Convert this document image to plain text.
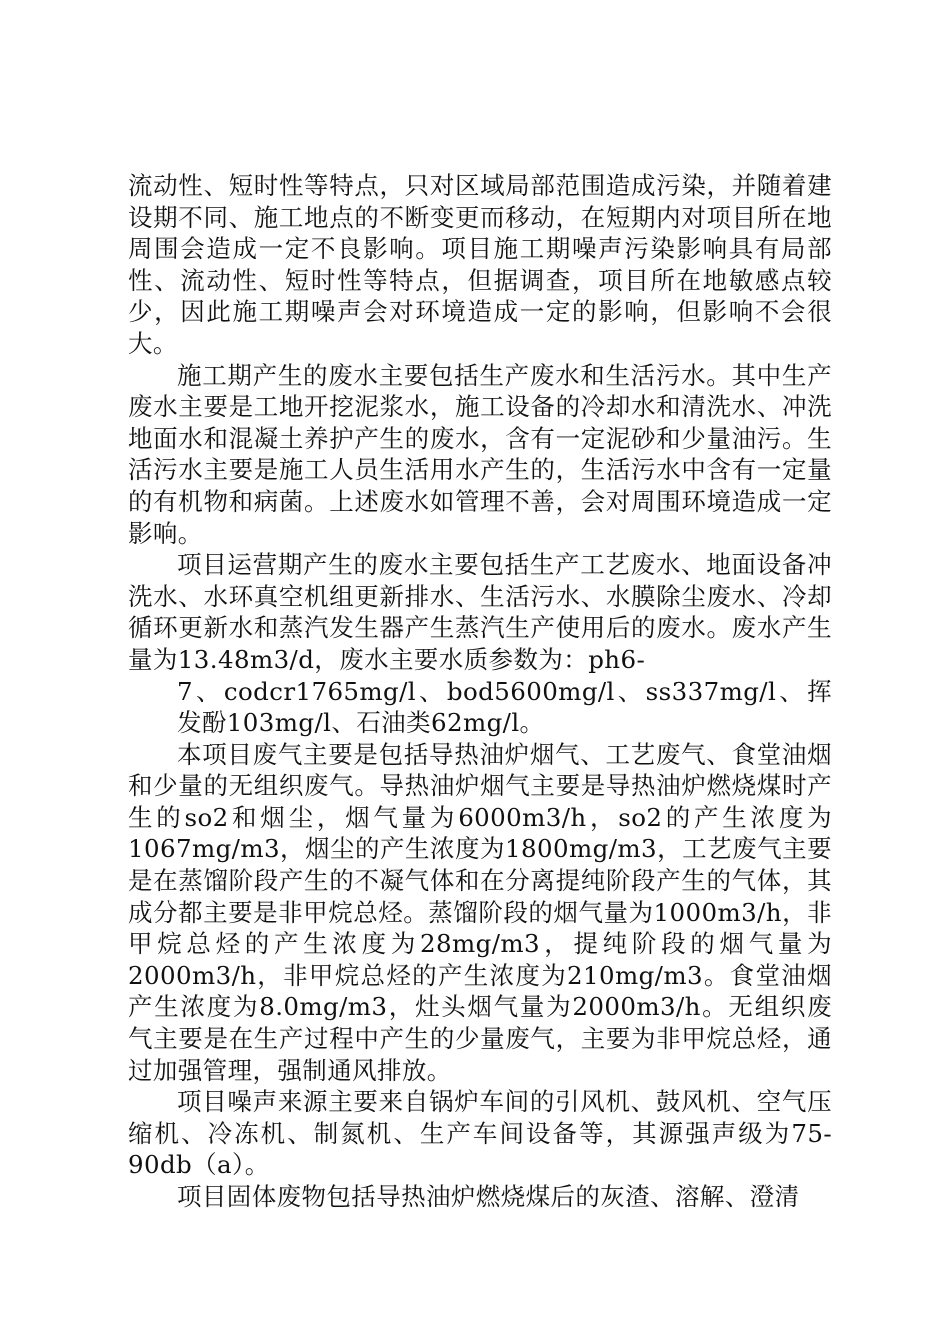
流动性、短时性等特点，只对区域局部范围造成污染，并随着建设期不同、施工地点的不断变更而移动，在短期内对项目所在地周围会造成一定不良影响。项目施工期噪声污染影响具有局部性、流动性、短时性等特点，但据调查，项目所在地敏感点较少，因此施工期噪声会对环境造成一定的影响，但影响不会很大。

施工期产生的废水主要包括生产废水和生活污水。其中生产废水主要是工地开挖泥浆水，施工设备的冷却水和清洗水、冲洗地面水和混凝土养护产生的废水，含有一定泥砂和少量油污。生活污水主要是施工人员生活用水产生的，生活污水中含有一定量的有机物和病菌。上述废水如管理不善，会对周围环境造成一定影响。

项目运营期产生的废水主要包括生产工艺废水、地面设备冲洗水、水环真空机组更新排水、生活污水、水膜除尘废水、冷却循环更新水和蒸汽发生器产生蒸汽生产使用后的废水。废水产生量为13.48m3/d，废水主要水质参数为：ph6-

7、codcr1765mg/l、bod5600mg/l、ss337mg/l、挥发酚103mg/l、石油类62mg/l。

本项目废气主要是包括导热油炉烟气、工艺废气、食堂油烟和少量的无组织废气。导热油炉烟气主要是导热油炉燃烧煤时产生的so2和烟尘，烟气量为6000m3/h，so2的产生浓度为1067mg/m3，烟尘的产生浓度为1800mg/m3，工艺废气主要是在蒸馏阶段产生的不凝气体和在分离提纯阶段产生的气体，其成分都主要是非甲烷总烃。蒸馏阶段的烟气量为1000m3/h，非甲烷总烃的产生浓度为28mg/m3，提纯阶段的烟气量为2000m3/h，非甲烷总烃的产生浓度为210mg/m3。食堂油烟产生浓度为8.0mg/m3，灶头烟气量为2000m3/h。无组织废气主要是在生产过程中产生的少量废气，主要为非甲烷总烃，通过加强管理，强制通风排放。

项目噪声来源主要来自锅炉车间的引风机、鼓风机、空气压缩机、冷冻机、制氮机、生产车间设备等，其源强声级为75-90db（a）。

项目固体废物包括导热油炉燃烧煤后的灰渣、溶解、澄清
